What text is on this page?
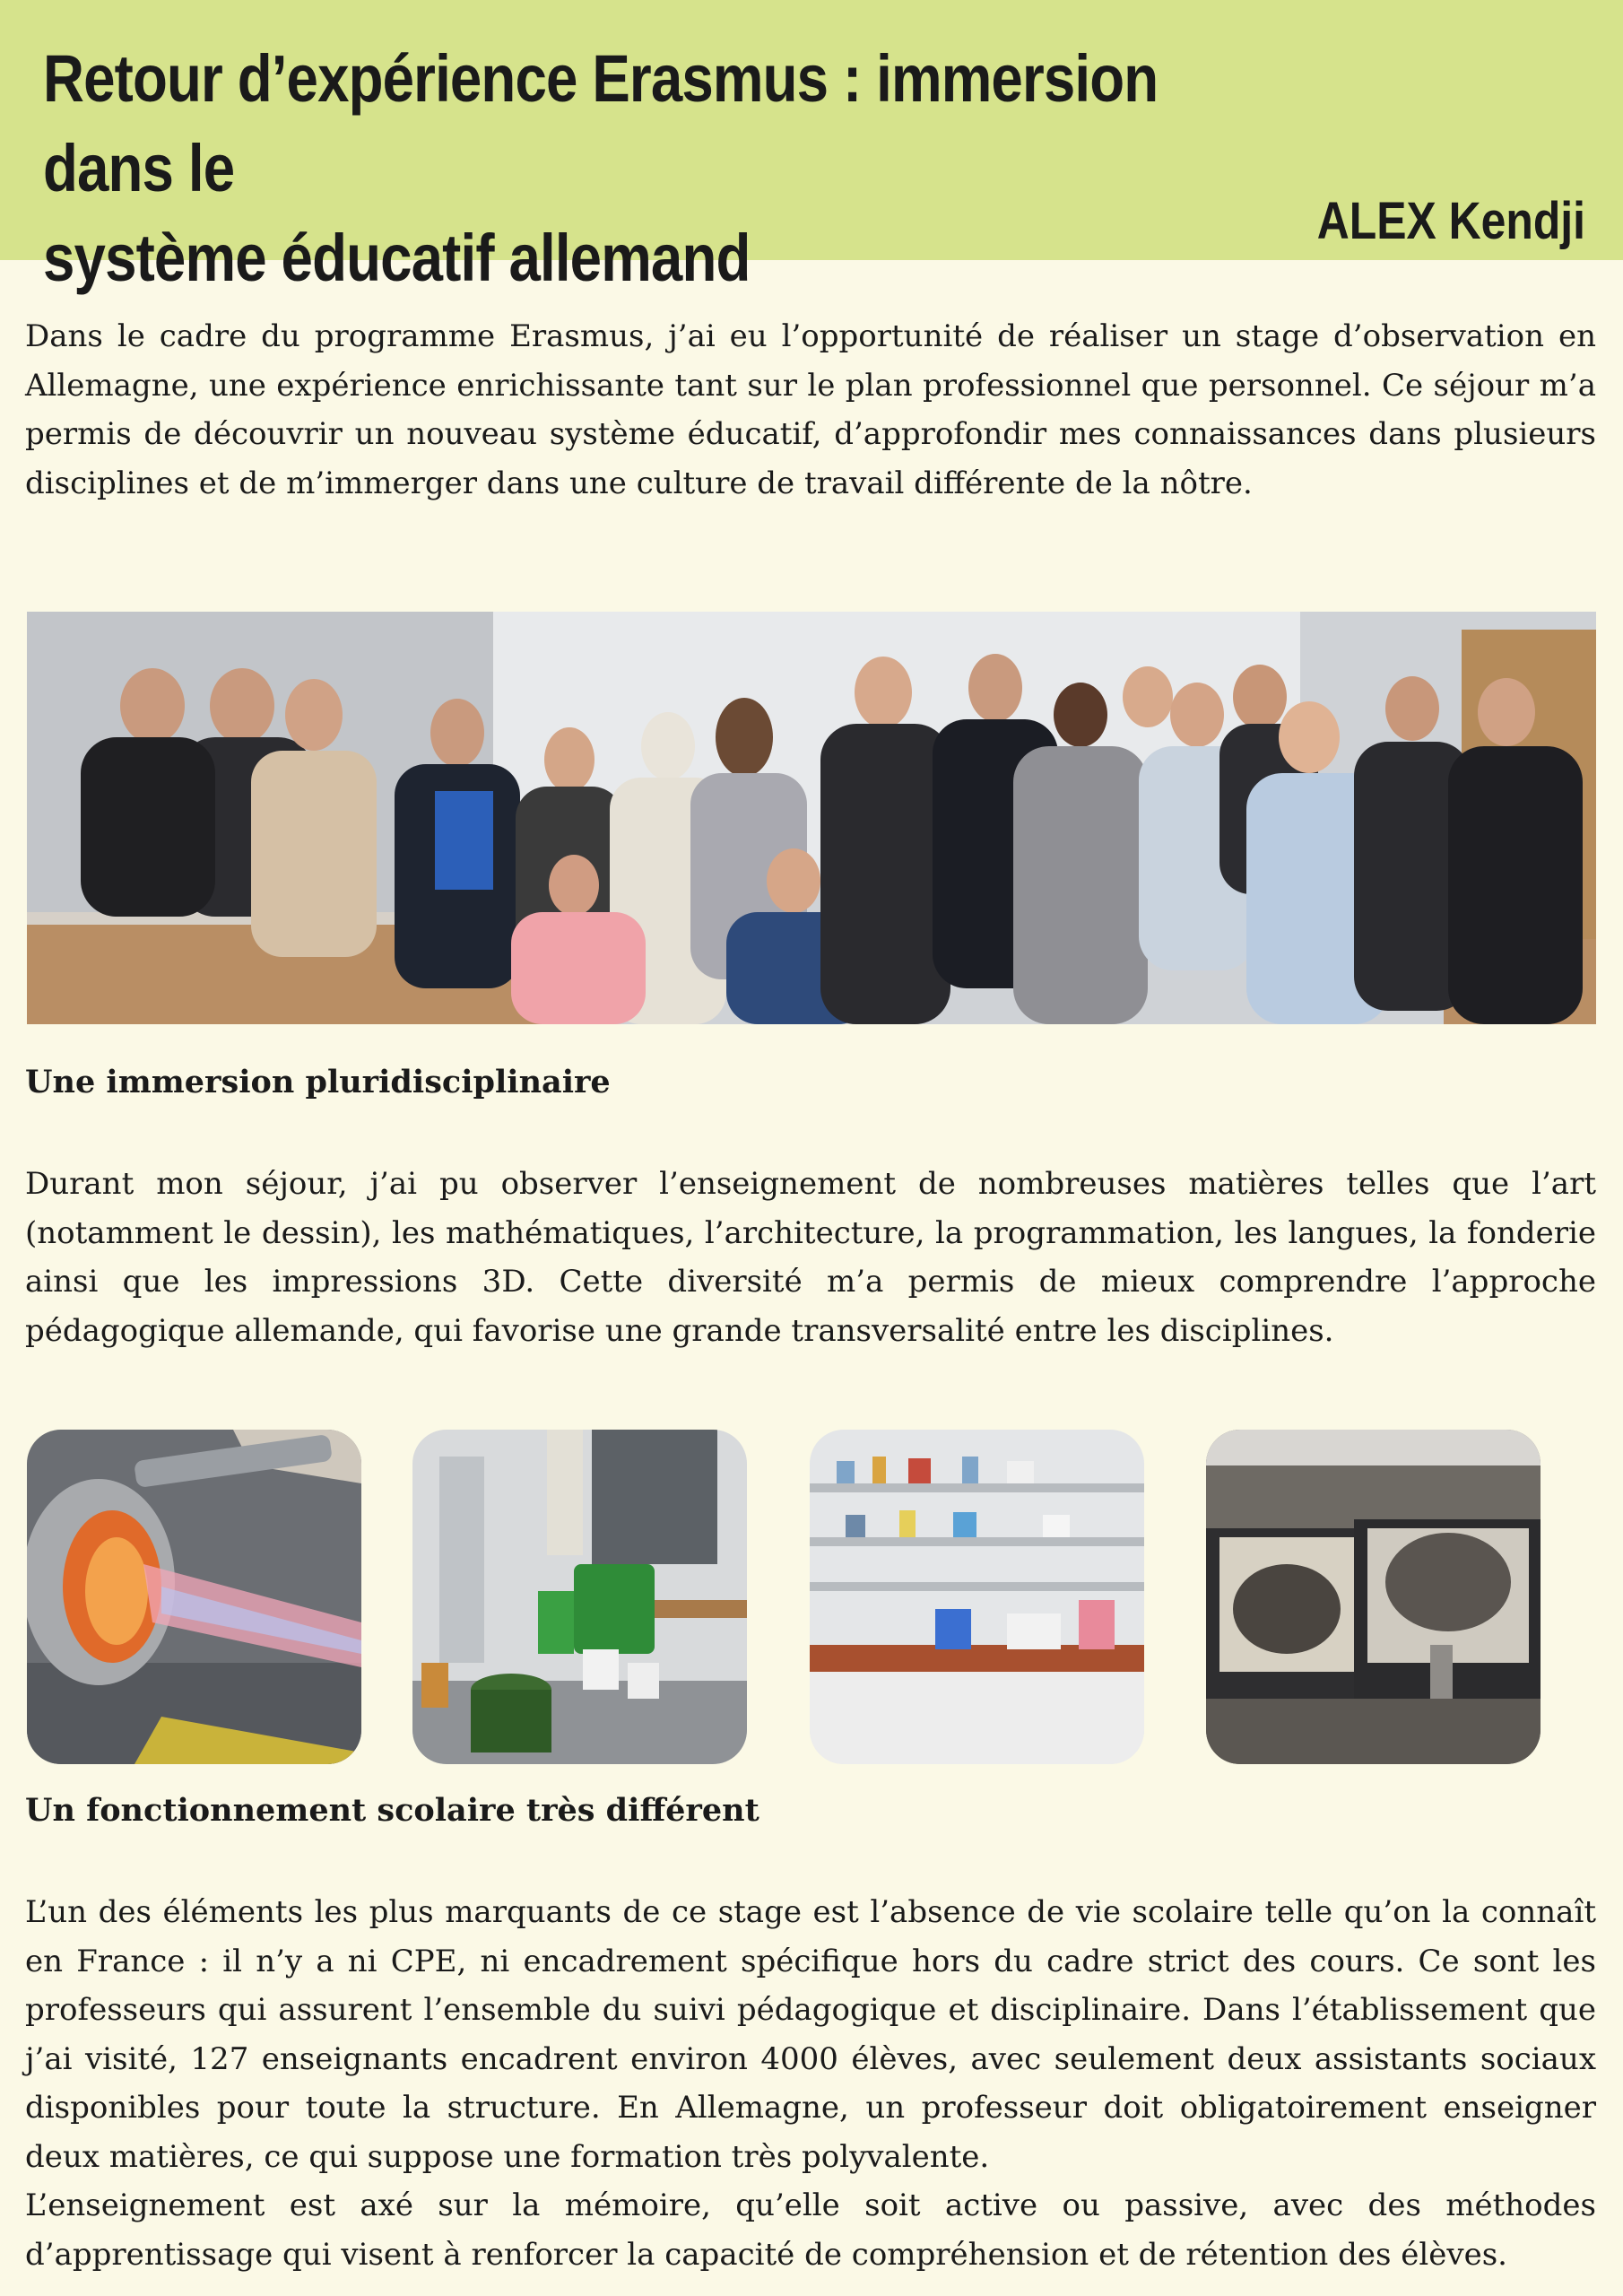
Retour d’expérience Erasmus : immersion dans le
système éducatif allemand	ALEX Kendji

Dans le cadre du programme Erasmus, j’ai eu l’opportunité de réaliser un stage d’observation en Allemagne, une expérience enrichissante tant sur le plan professionnel que personnel. Ce séjour m’a permis de découvrir un nouveau système éducatif, d’approfondir mes connaissances dans plusieurs disciplines et de m’immerger dans une culture de travail différente de la nôtre.

Une immersion pluridisciplinaire

Durant mon séjour, j’ai pu observer l’enseignement de nombreuses matières telles que l’art (notamment le dessin), les mathématiques, l’architecture, la programmation, les langues, la fonderie ainsi que les impressions 3D. Cette diversité m’a permis de mieux comprendre l’approche pédagogique allemande, qui favorise une grande transversalité entre les disciplines.

Un fonctionnement scolaire très différent

L’un des éléments les plus marquants de ce stage est l’absence de vie scolaire telle qu’on la connaît en France : il n’y a ni CPE, ni encadrement spécifique hors du cadre strict des cours. Ce sont les professeurs qui assurent l’ensemble du suivi pédagogique et disciplinaire. Dans l’établissement que j’ai visité, 127 enseignants encadrent environ 4000 élèves, avec seulement deux assistants sociaux disponibles pour toute la structure. En Allemagne, un professeur doit obligatoirement enseigner deux matières, ce qui suppose une formation très polyvalente.

L’enseignement est axé sur la mémoire, qu’elle soit active ou passive, avec des méthodes d’apprentissage qui visent à renforcer la capacité de compréhension et de rétention des élèves.
